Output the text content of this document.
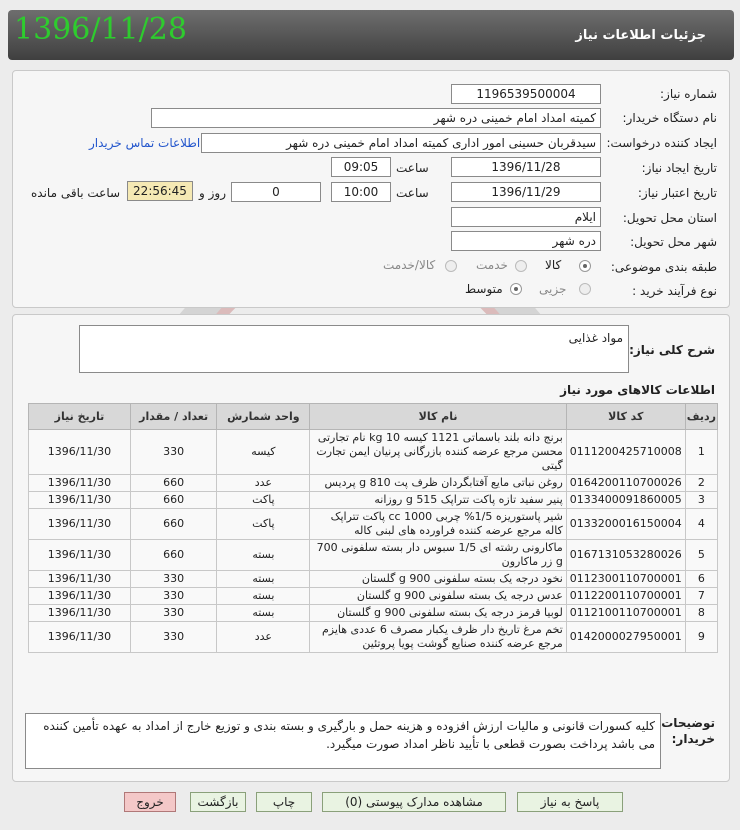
1396/11/28	جزئیات اطلاعات نیاز
شماره نیاز:
1196539500004
نام دستگاه خریدار:
کمیته امداد امام خمینی دره شهر
ایجاد کننده درخواست:
سیدقربان حسینی امور اداری کمیته امداد امام خمینی دره شهر
اطلاعات تماس خریدار
تاریخ ایجاد نیاز:
1396/11/28
ساعت
09:05
تاریخ اعتبار نیاز:
1396/11/29
ساعت
10:00
0
روز و
22:56:45
ساعت باقی مانده
استان محل تحویل:
ایلام
شهر محل تحویل:
دره شهر
طبقه بندی موضوعی:
کالا
خدمت
کالا/خدمت
نوع فرآیند خرید :
جزیی
متوسط
شرح کلی نیاز:
مواد غذایی
اطلاعات کالاهای مورد نیاز
ردیف	کد کالا	نام کالا	واحد شمارش	تعداد / مقدار	تاریخ نیاز
1	0111200425710008	برنج دانه بلند باسماتی 1121 کیسه 10 kg نام تجارتی محسن مرجع عرضه کننده بازرگانی پرنیان ایمن تجارت گیتی	کیسه	330	1396/11/30
2	0164200110700026	روغن نباتی مایع آفتابگردان ظرف پت 810 g پردیس	عدد	660	1396/11/30
3	0133400091860005	پنیر سفید تازه پاکت تتراپک 515 g روزانه	پاکت	660	1396/11/30
4	0133200016150004	شیر پاستوریزه 1/5% چربی 1000 cc پاکت تتراپک کاله مرجع عرضه کننده فراورده های لبنی کاله	پاکت	660	1396/11/30
5	0167131053280026	ماکارونی رشته ای 1/5 سبوس دار بسته سلفونی 700 g زر ماکارون	بسته	660	1396/11/30
6	0112300110700001	نخود درجه یک بسته سلفونی 900 g گلستان	بسته	330	1396/11/30
7	0112200110700001	عدس درجه یک بسته سلفونی 900 g گلستان	بسته	330	1396/11/30
8	0112100110700001	لوبیا قرمز درجه یک بسته سلفونی 900 g گلستان	بسته	330	1396/11/30
9	0142000027950001	تخم مرغ تاریخ دار ظرف یکبار مصرف 6 عددی هایزم مرجع عرضه کننده صنایع گوشت پویا پروتئین	عدد	330	1396/11/30
توضیحات خریدار:
کلیه کسورات قانونی و مالیات ارزش افزوده و هزینه حمل و بارگیری و بسته بندی و توزیع خارج از امداد به عهده تأمین کننده می باشد پرداخت بصورت قطعی با تأیید ناظر امداد صورت میگیرد.
پاسخ به نیاز
مشاهده مدارک پیوستی (0)
چاپ
بازگشت
خروج
